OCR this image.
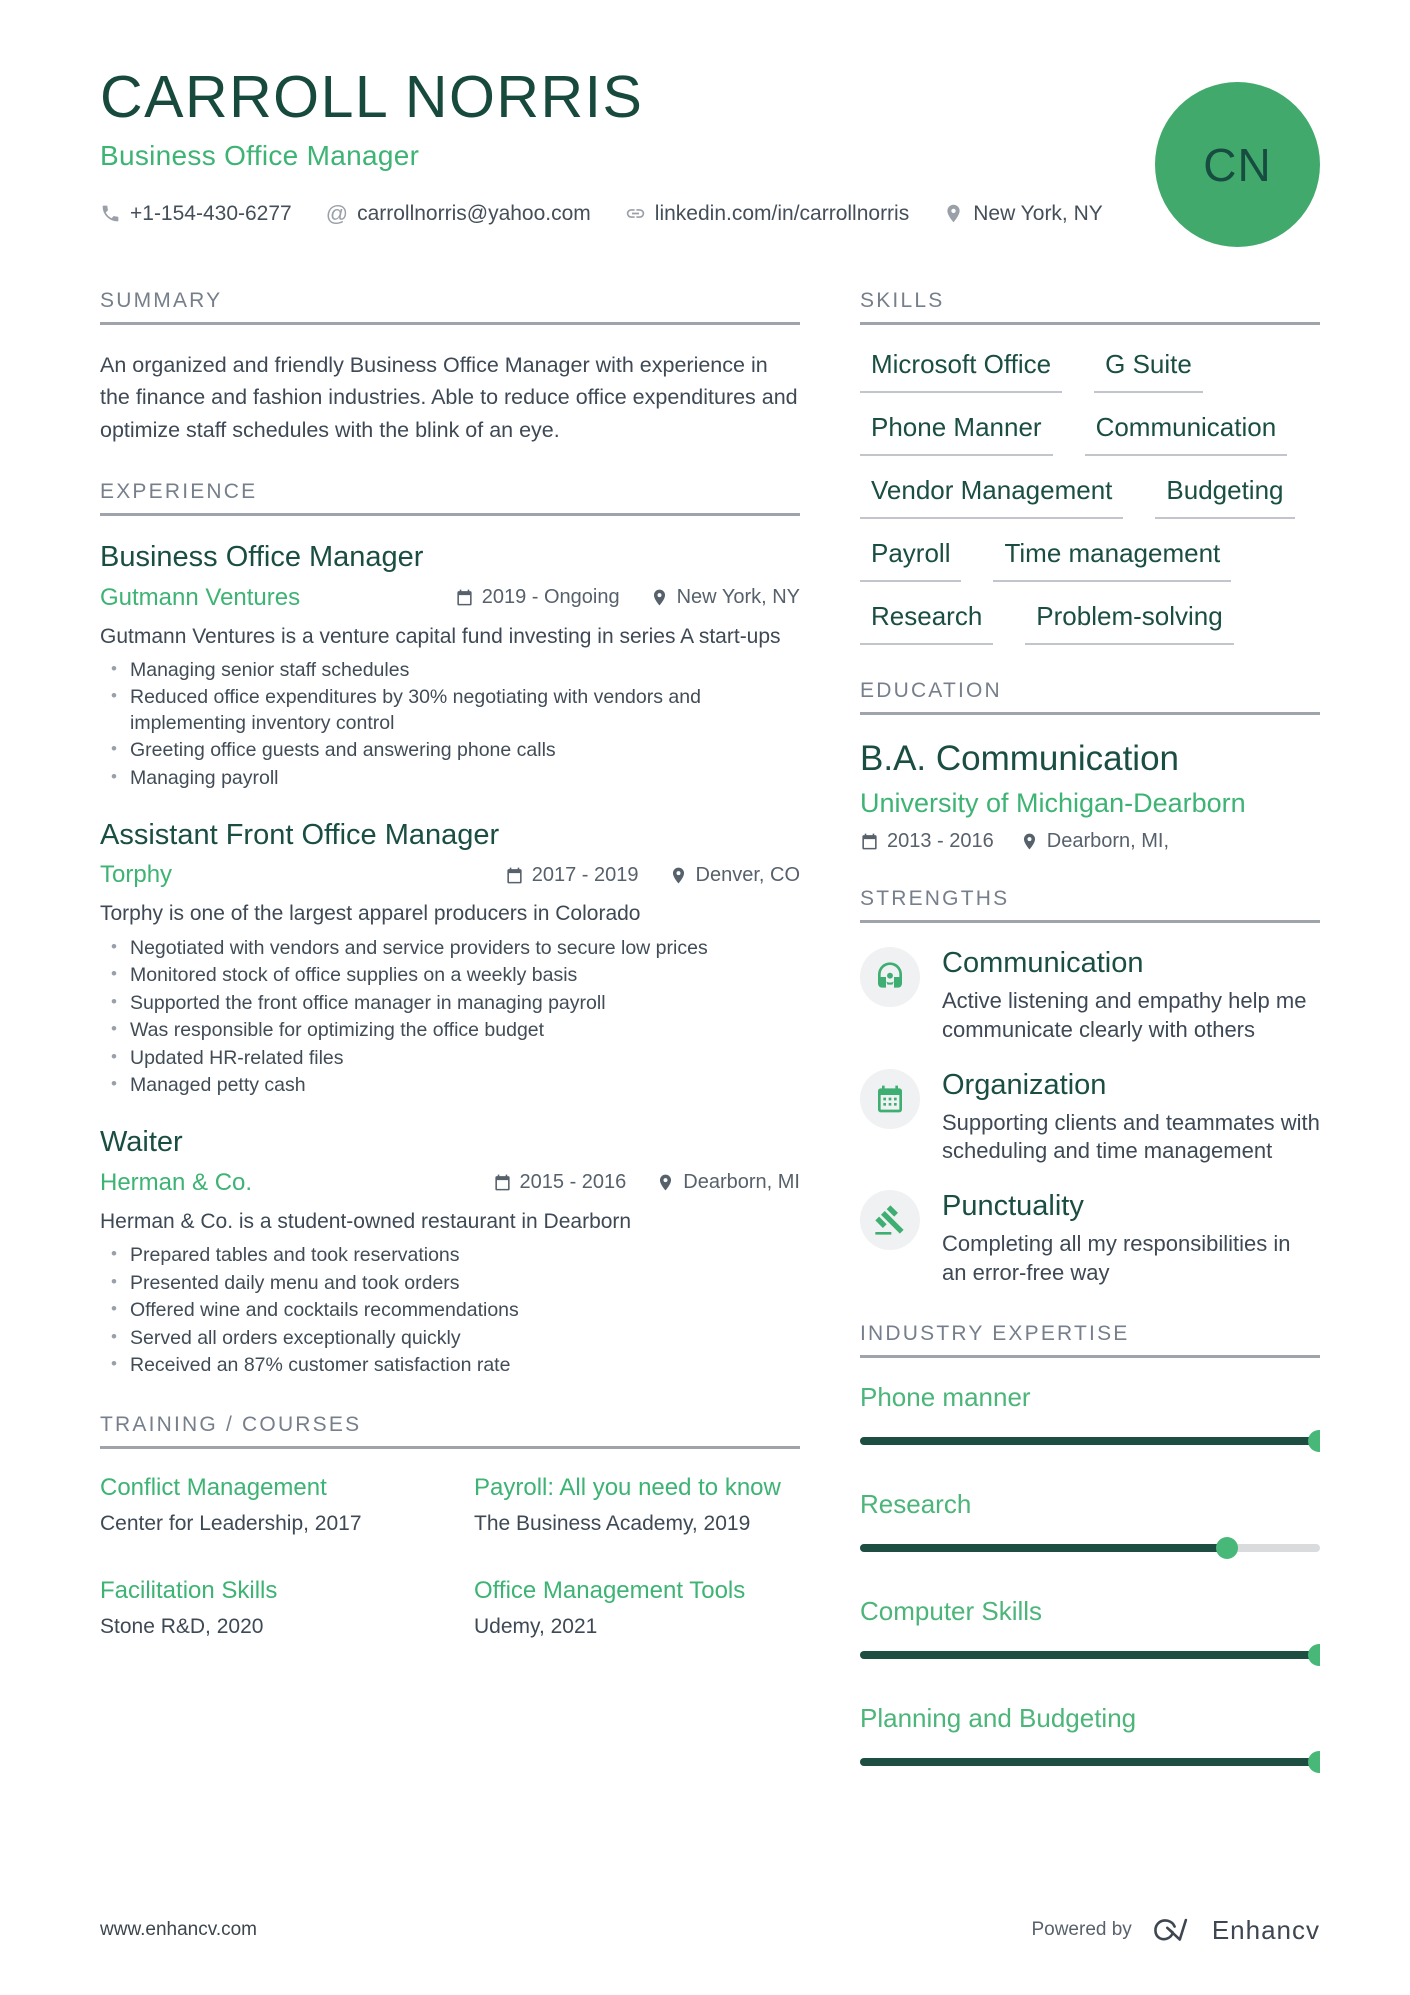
CARROLL NORRIS
Business Office Manager
+1-154-430-6277 @ carrollnorris@yahoo.com	linkedin.com/in/carrollnorris	New York, NY
CN
SUMMARY

An organized and friendly Business Office Manager with experience in the finance and fashion industries. Able to reduce office expenditures and optimize staff schedules with the blink of an eye.

EXPERIENCE
Business Office Manager
Gutmann Ventures	2019 - Ongoing	New York, NY
Gutmann Ventures is a venture capital fund investing in series A start-ups
• Managing senior staff schedules
• Reduced office expenditures by 30% negotiating with vendors and implementing inventory control
• Greeting office guests and answering phone calls
• Managing payroll
Assistant Front Office Manager
Torphy	2017 - 2019	Denver, CO
Torphy is one of the largest apparel producers in Colorado
• Negotiated with vendors and service providers to secure low prices
• Monitored stock of office supplies on a weekly basis
• Supported the front office manager in managing payroll
• Was responsible for optimizing the office budget
• Updated HR-related files
• Managed petty cash
Waiter
Herman & Co.	2015 - 2016	Dearborn, MI
Herman & Co. is a student-owned restaurant in Dearborn
• Prepared tables and took reservations
• Presented daily menu and took orders
• Offered wine and cocktails recommendations
• Served all orders exceptionally quickly
• Received an 87% customer satisfaction rate
TRAINING / COURSES
Conflict Management
Center for Leadership, 2017
Payroll: All you need to know
The Business Academy, 2019
Facilitation Skills
Stone R&D, 2020
Office Management Tools
Udemy, 2021
SKILLS
Microsoft Office	G Suite
Phone Manner	Communication
Vendor Management	Budgeting
Payroll	Time management
Research	Problem-solving
EDUCATION
B.A. Communication
University of Michigan-Dearborn
2013 - 2016	Dearborn, MI,
STRENGTHS
Communication
Active listening and empathy help me communicate clearly with others
Organization
Supporting clients and teammates with scheduling and time management
Punctuality
Completing all my responsibilities in an error-free way
INDUSTRY EXPERTISE
Phone manner
Research
Computer Skills
Planning and Budgeting
www.enhancv.com	Powered by	Enhancv
